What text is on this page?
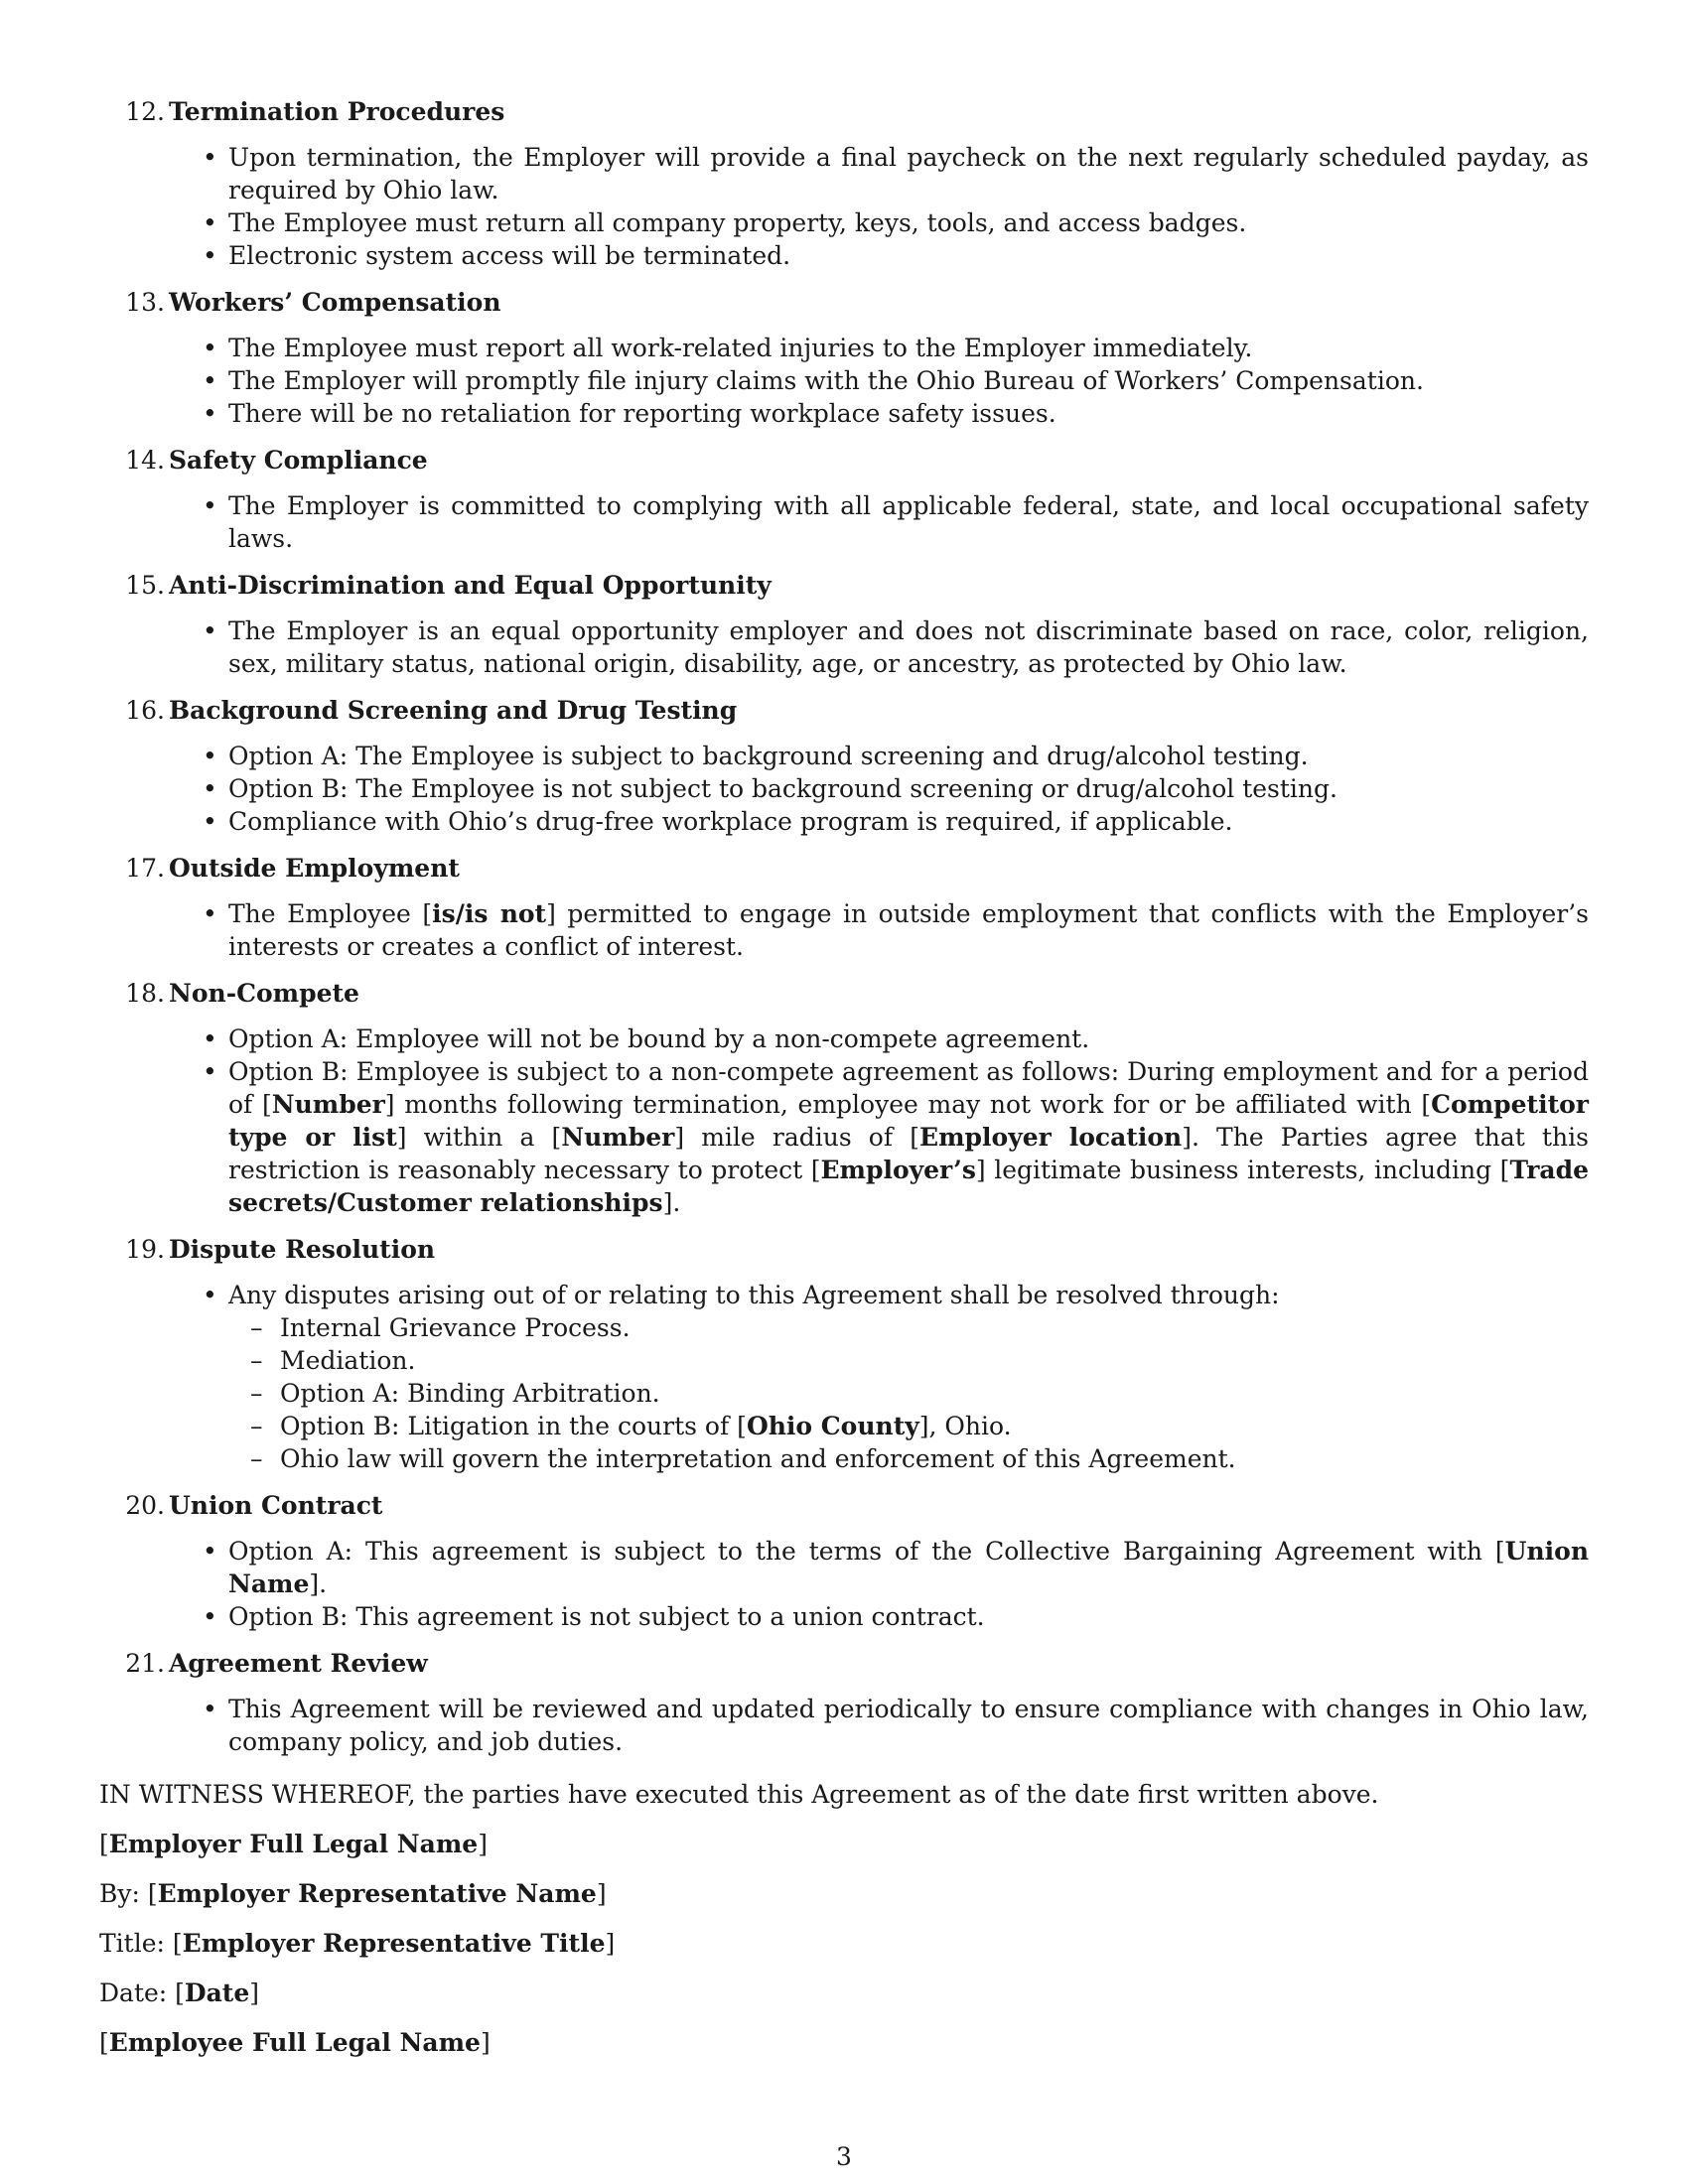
12. Termination Procedures
• Upon termination, the Employer will provide a final paycheck on the next regularly scheduled payday, as required by Ohio law.
• The Employee must return all company property, keys, tools, and access badges.
• Electronic system access will be terminated.
13. Workers’ Compensation
• The Employee must report all work-related injuries to the Employer immediately.
• The Employer will promptly file injury claims with the Ohio Bureau of Workers’ Compensation.
• There will be no retaliation for reporting workplace safety issues.
14. Safety Compliance
• The Employer is committed to complying with all applicable federal, state, and local occupational safety laws.
15. Anti-Discrimination and Equal Opportunity
• The Employer is an equal opportunity employer and does not discriminate based on race, color, religion, sex, military status, national origin, disability, age, or ancestry, as protected by Ohio law.
16. Background Screening and Drug Testing
• Option A: The Employee is subject to background screening and drug/alcohol testing.
• Option B: The Employee is not subject to background screening or drug/alcohol testing.
• Compliance with Ohio’s drug-free workplace program is required, if applicable.
17. Outside Employment
• The Employee [is/is not] permitted to engage in outside employment that conflicts with the Employer’s interests or creates a conflict of interest.
18. Non-Compete
• Option A: Employee will not be bound by a non-compete agreement.
• Option B: Employee is subject to a non-compete agreement as follows: During employment and for a period of [Number] months following termination, employee may not work for or be affiliated with [Competitor type or list] within a [Number] mile radius of [Employer location]. The Parties agree that this restriction is reasonably necessary to protect [Employer’s] legitimate business interests, including [Trade secrets/Customer relationships].
19. Dispute Resolution
• Any disputes arising out of or relating to this Agreement shall be resolved through:
– Internal Grievance Process.
– Mediation.
– Option A: Binding Arbitration.
– Option B: Litigation in the courts of [Ohio County], Ohio.
– Ohio law will govern the interpretation and enforcement of this Agreement.
20. Union Contract
• Option A: This agreement is subject to the terms of the Collective Bargaining Agreement with [Union Name].
• Option B: This agreement is not subject to a union contract.
21. Agreement Review
• This Agreement will be reviewed and updated periodically to ensure compliance with changes in Ohio law, company policy, and job duties.
IN WITNESS WHEREOF, the parties have executed this Agreement as of the date first written above.
[Employer Full Legal Name]
By: [Employer Representative Name]
Title: [Employer Representative Title]
Date: [Date]
[Employee Full Legal Name]
3
